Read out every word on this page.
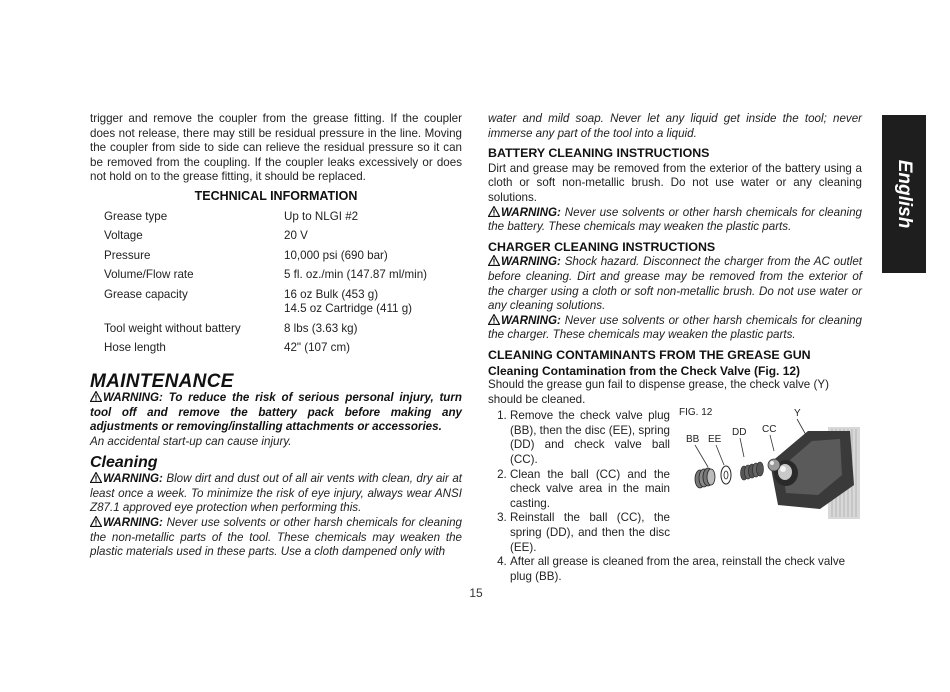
trigger and remove the coupler from the grease fitting. If the coupler does not release, there may still be residual pressure in the line. Moving the coupler from side to side can relieve the residual pressure so it can be removed from the coupling. If the coupler leaks excessively or does not hold on to the grease fitting, it should be replaced.
TECHNICAL INFORMATION
Grease type	Up to NLGI #2
Voltage	20 V
Pressure	10,000 psi (690 bar)
Volume/Flow rate	5 fl. oz./min (147.87 ml/min)
Grease capacity	16 oz Bulk (453 g)
14.5 oz Cartridge (411 g)

Tool weight without battery	8 lbs (3.63 kg)
Hose length	42" (107 cm)
MAINTENANCE
WARNING: To reduce the risk of serious personal injury, turn tool off and remove the battery pack before making any adjustments or removing/installing attachments or accessories.
An accidental start-up can cause injury.
Cleaning
WARNING: Blow dirt and dust out of all air vents with clean, dry air at least once a week. To minimize the risk of eye injury, always wear ANSI Z87.1 approved eye protection when performing this.
WARNING: Never use solvents or other harsh chemicals for cleaning the non-metallic parts of the tool. These chemicals may weaken the plastic materials used in these parts. Use a cloth dampened only with
water and mild soap. Never let any liquid get inside the tool; never immerse any part of the tool into a liquid.
BATTERY CLEANING INSTRUCTIONS
Dirt and grease may be removed from the exterior of the battery using a cloth or soft non-metallic brush. Do not use water or any cleaning solutions.
WARNING: Never use solvents or other harsh chemicals for cleaning the battery. These chemicals may weaken the plastic parts.
CHARGER CLEANING INSTRUCTIONS
WARNING: Shock hazard. Disconnect the charger from the AC outlet before cleaning. Dirt and grease may be removed from the exterior of the charger using a cloth or soft non-metallic brush. Do not use water or any cleaning solutions.
WARNING: Never use solvents or other harsh chemicals for cleaning the charger. These chemicals may weaken the plastic parts.
CLEANING CONTAMINANTS FROM THE GREASE GUN
Cleaning Contamination from the Check Valve (Fig. 12)
Should the grease gun fail to dispense grease, the check valve (Y) should be cleaned.
1. Remove the check valve plug (BB), then the disc (EE), spring (DD) and check valve ball (CC).
2. Clean the ball (CC) and the check valve area in the main casting.
3. Reinstall the ball (CC), the spring (DD), and then the disc (EE).
4. After all grease is cleaned from the area, reinstall the check valve plug (BB).
FIG. 12	Y
BB EE
DD CC
15
English
